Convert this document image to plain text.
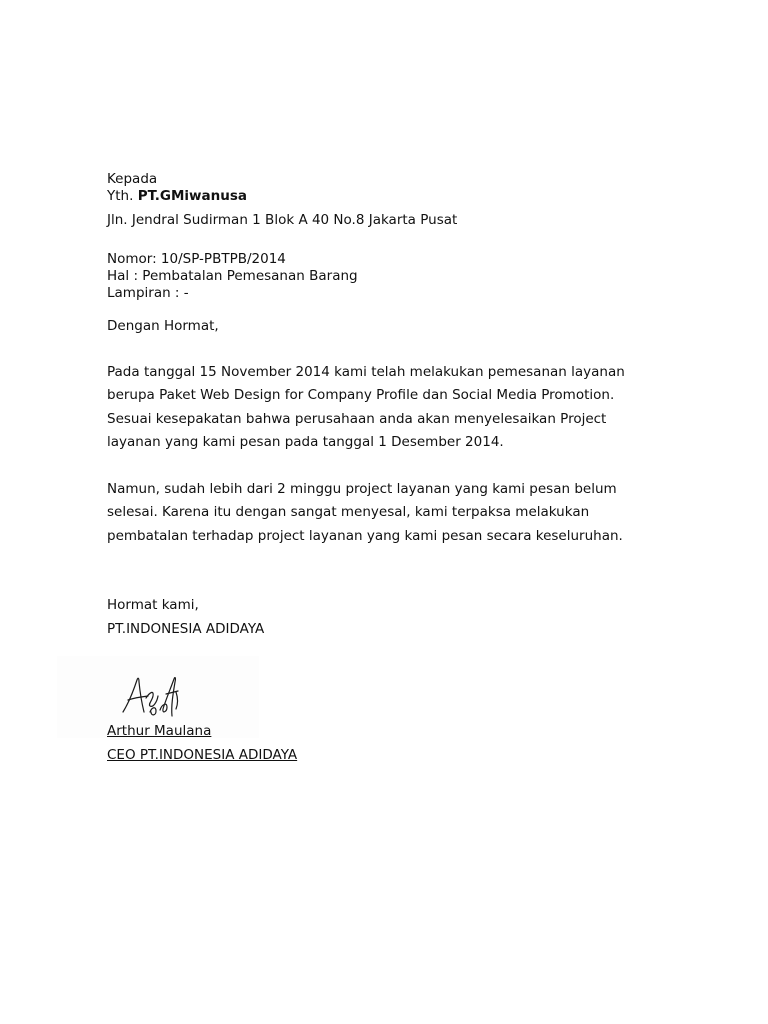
Kepada
Yth. PT.GMiwanusa
Jln. Jendral Sudirman 1 Blok A 40 No.8 Jakarta Pusat
Nomor: 10/SP-PBTPB/2014
Hal : Pembatalan Pemesanan Barang
Lampiran : -
Dengan Hormat,
Pada tanggal 15 November 2014 kami telah melakukan pemesanan layanan
berupa Paket Web Design for Company Profile dan Social Media Promotion.
Sesuai kesepakatan bahwa perusahaan anda akan menyelesaikan Project
layanan yang kami pesan pada tanggal 1 Desember 2014.
Namun, sudah lebih dari 2 minggu project layanan yang kami pesan belum
selesai. Karena itu dengan sangat menyesal, kami terpaksa melakukan
pembatalan terhadap project layanan yang kami pesan secara keseluruhan.
Hormat kami,
PT.INDONESIA ADIDAYA
Arthur Maulana
CEO PT.INDONESIA ADIDAYA
